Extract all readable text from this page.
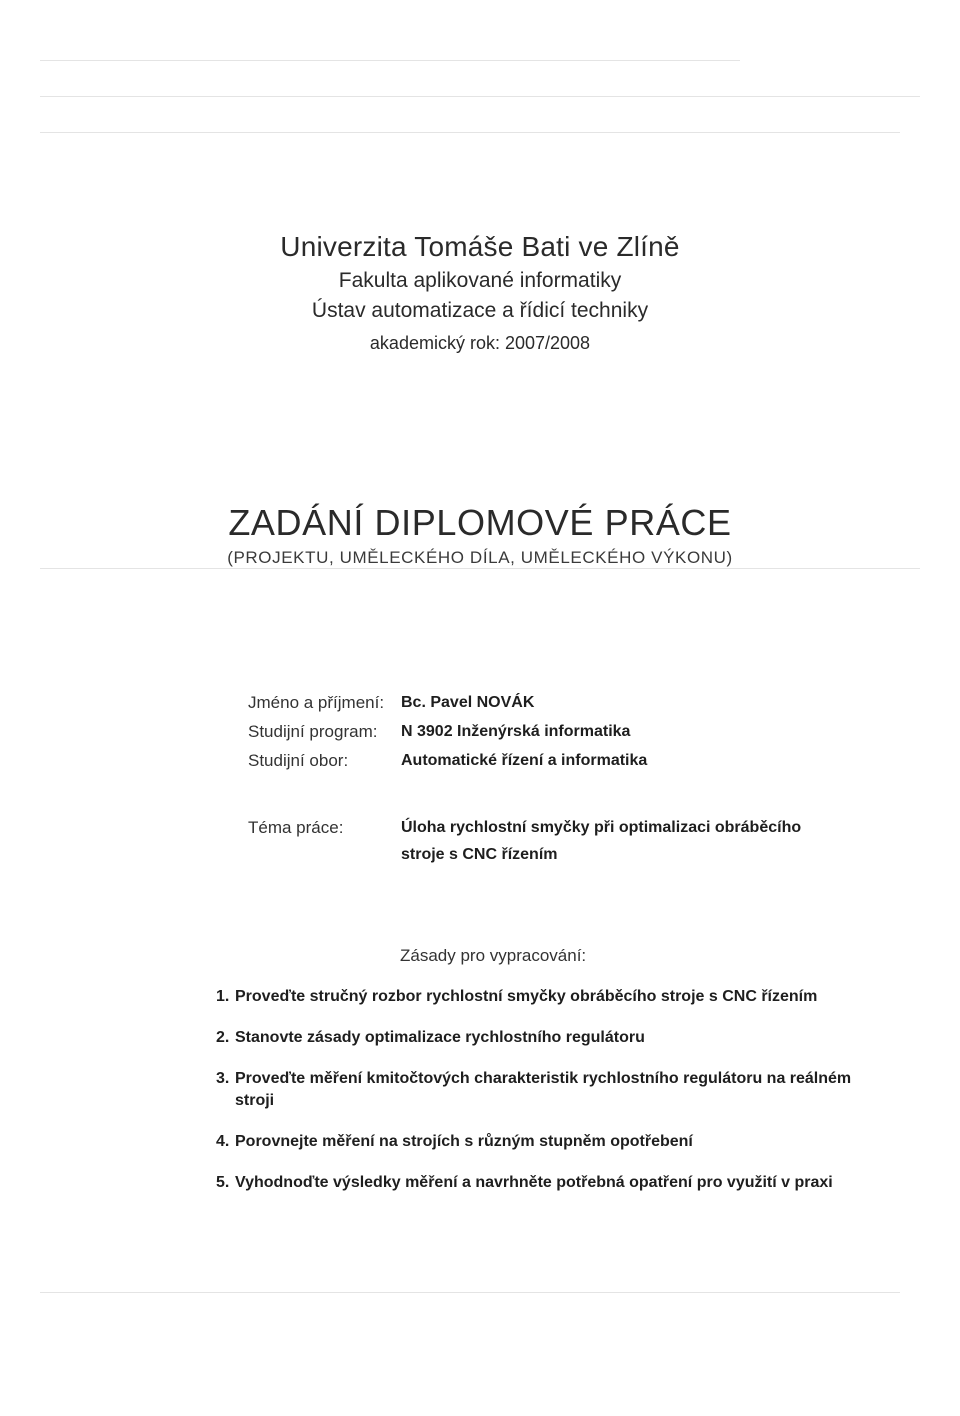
Univerzita Tomáše Bati ve Zlíně
Fakulta aplikované informatiky
Ústav automatizace a řídicí techniky
akademický rok: 2007/2008
ZADÁNÍ DIPLOMOVÉ PRÁCE
(PROJEKTU, UMĚLECKÉHO DÍLA, UMĚLECKÉHO VÝKONU)
Jméno a příjmení:	Bc. Pavel NOVÁK
Studijní program:	N 3902 Inženýrská informatika
Studijní obor:	Automatické řízení a informatika
Téma práce:	Úloha rychlostní smyčky při optimalizaci obráběcího stroje s CNC řízením
Zásady pro vypracování:
1. Proveďte stručný rozbor rychlostní smyčky obráběcího stroje s CNC řízením
2. Stanovte zásady optimalizace rychlostního regulátoru
3. Proveďte měření kmitočtových charakteristik rychlostního regulátoru na reálném stroji
4. Porovnejte měření na strojích s různým stupněm opotřebení
5. Vyhodnoďte výsledky měření a navrhněte potřebná opatření pro využití v praxi
